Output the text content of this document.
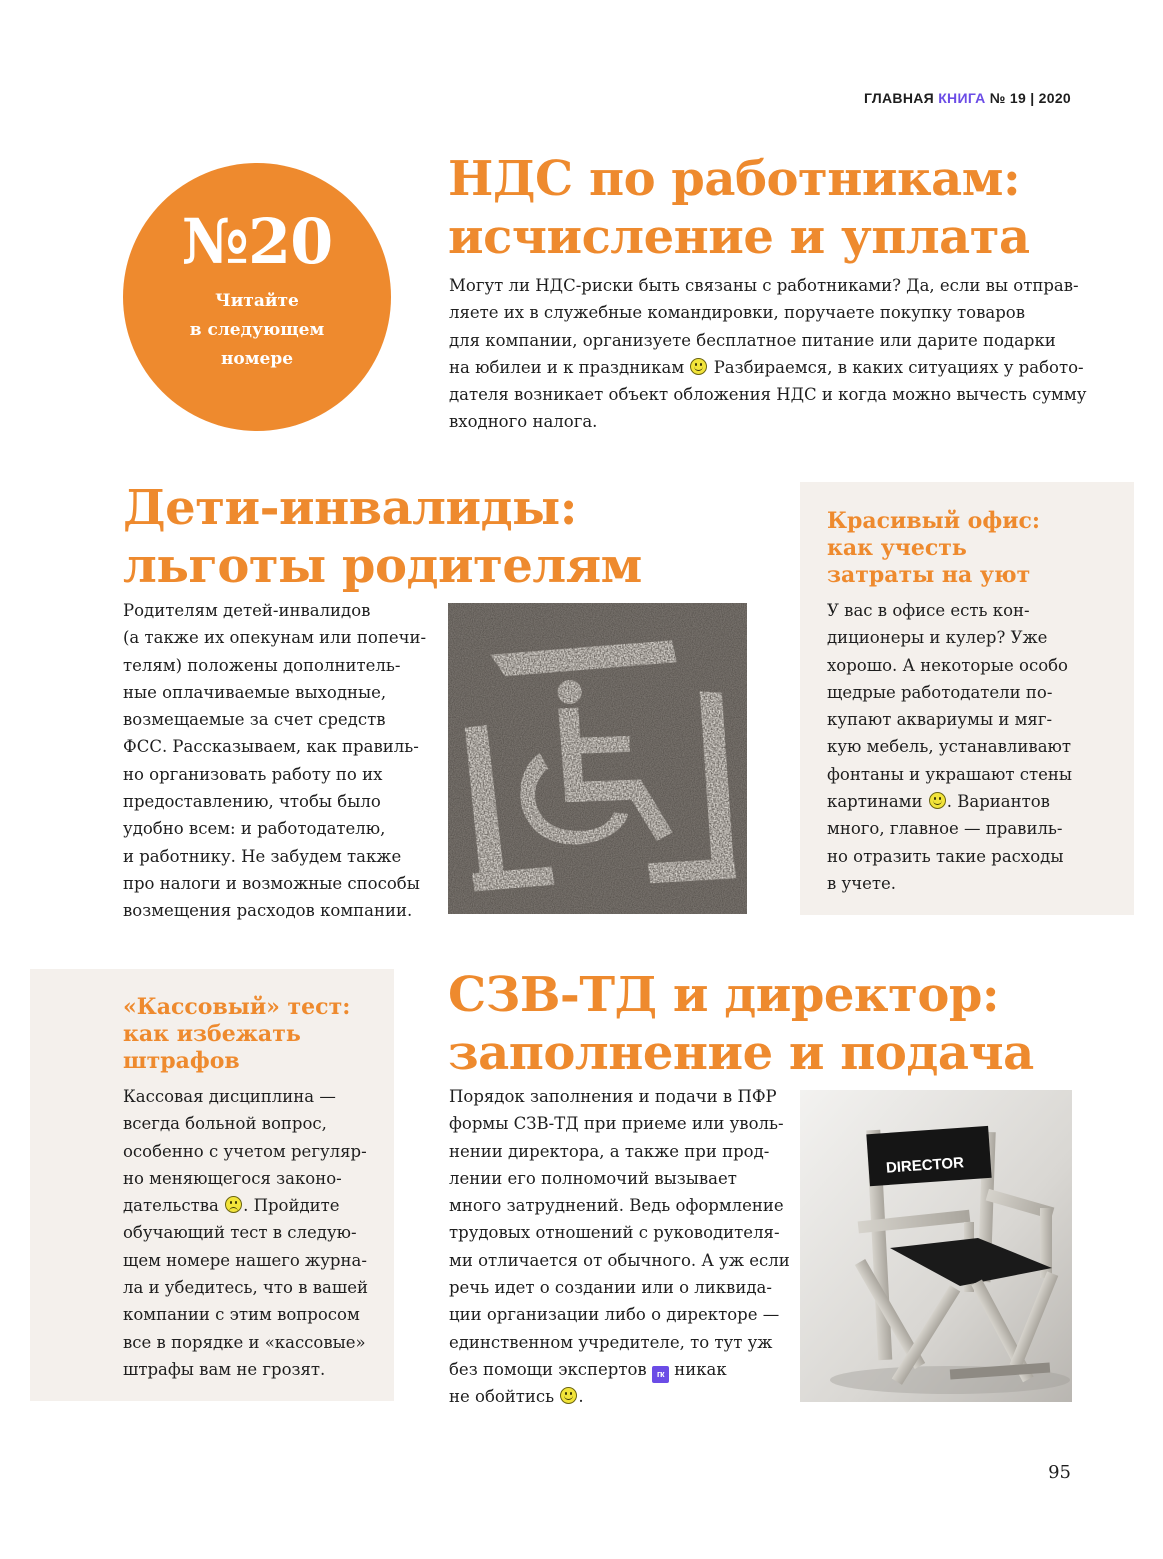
ГЛАВНАЯ КНИГА № 19 | 2020
№20
Читайте
в следующем
номере
НДС по работникам:
исчисление и уплата
Могут ли НДС-риски быть связаны с работниками? Да, если вы отправ-
ляете их в служебные командировки, поручаете покупку товаров
для компании, организуете бесплатное питание или дарите подарки
на юбилеи и к праздникам
Разбираемся, в каких ситуациях у работо-
дателя возникает объект обложения НДС и когда можно вычесть сумму
входного налога.
Дети-инвалиды:
льготы родителям
Родителям детей-инвалидов
(а также их опекунам или попечи-
телям) положены дополнитель-
ные оплачиваемые выходные,
возмещаемые за счет средств
ФСС. Рассказываем, как правиль-
но организовать работу по их
предоставлению, чтобы было
удобно всем: и работодателю,
и работнику. Не забудем также
про налоги и возможные способы
возмещения расходов компании.
Красивый офис:
как учесть
затраты на уют
У вас в офисе есть кон-
диционеры и кулер? Уже
хорошо. А некоторые особо
щедрые работодатели по-
купают аквариумы и мяг-
кую мебель, устанавливают
фонтаны и украшают стены
картинами
. Вариантов
много, главное — правиль-
но отразить такие расходы
в учете.
«Кассовый» тест:
как избежать
штрафов
Кассовая дисциплина —
всегда больной вопрос,
особенно с учетом регуляр-
но меняющегося законо-
дательства
. Пройдите
обучающий тест в следую-
щем номере нашего журна-
ла и убедитесь, что в вашей
компании с этим вопросом
все в порядке и «кассовые»
штрафы вам не грозят.
СЗВ-ТД и директор:
заполнение и подача
Порядок заполнения и подачи в ПФР
формы СЗВ-ТД при приеме или уволь-
нении директора, а также при прод-
лении его полномочий вызывает
много затруднений. Ведь оформление
трудовых отношений с руководителя-
ми отличается от обычного. А уж если
речь идет о создании или о ликвида-
ции организации либо о директоре —
единственном учредителе, то тут уж
без помощи экспертов гк никак
не обойтись
.
DIRECTOR
95
